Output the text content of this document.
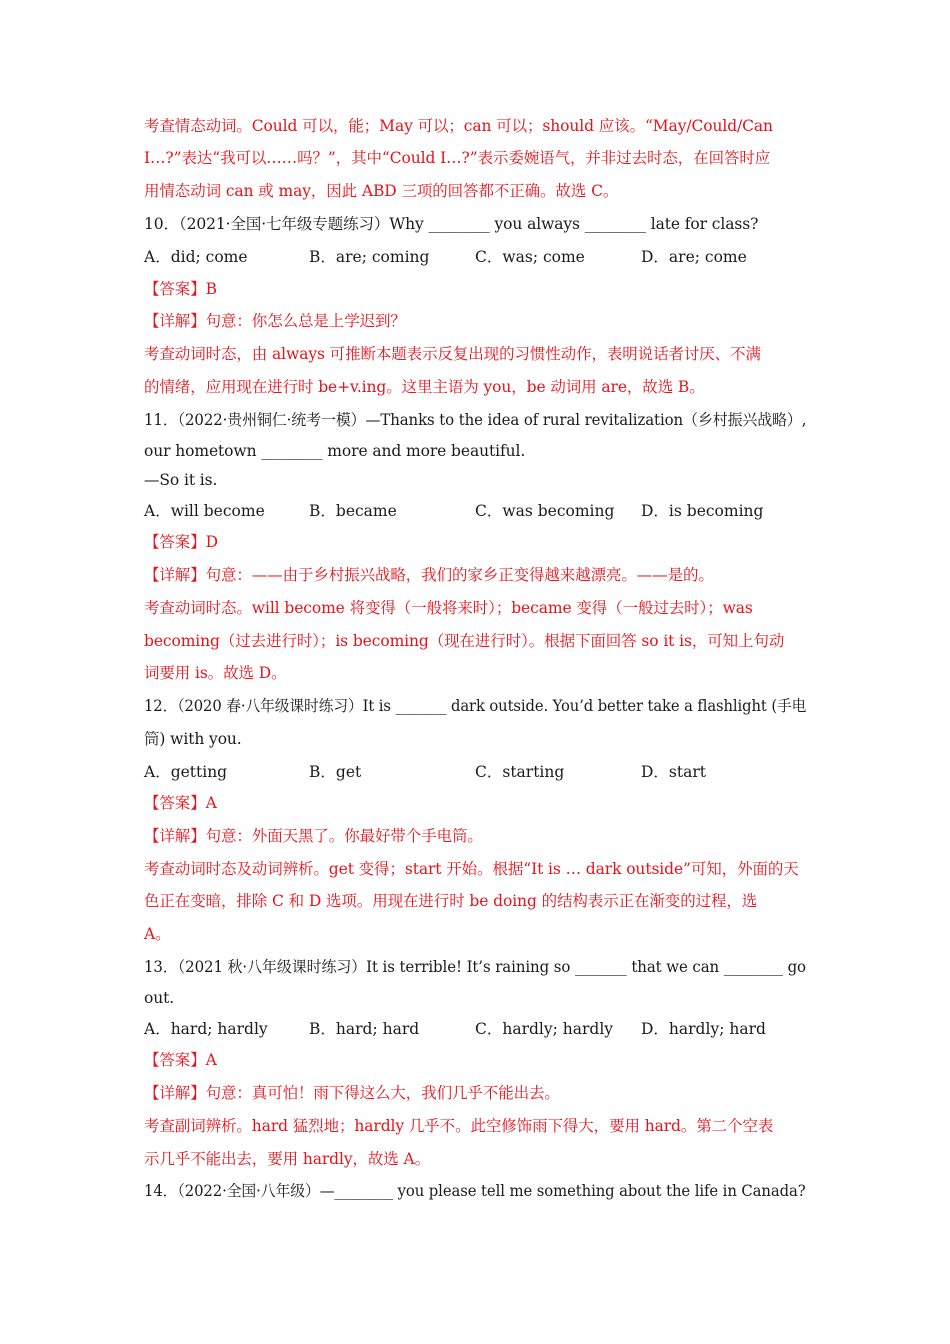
考查情态动词。Could 可以，能；May 可以；can 可以；should 应该。“May/Could/Can
I…?”表达“我可以……吗？”，其中“Could I…?”表示委婉语气，并非过去时态，在回答时应
用情态动词 can 或 may，因此 ABD 三项的回答都不正确。故选 C。
10．（2021·全国·七年级专题练习）Why ________ you always ________ late for class?
A．did; come	B．are; coming	C．was; come	D．are; come
【答案】B
【详解】句意：你怎么总是上学迟到？
考查动词时态，由 always 可推断本题表示反复出现的习惯性动作，表明说话者讨厌、不满
的情绪，应用现在进行时 be+v.ing。这里主语为 you，be 动词用 are，故选 B。
11．（2022·贵州铜仁·统考一模）—Thanks to the idea of rural revitalization（乡村振兴战略）,
our hometown ________ more and more beautiful.
—So it is.
A．will become	B．became	C．was becoming D．is becoming
【答案】D
【详解】句意：——由于乡村振兴战略，我们的家乡正变得越来越漂亮。——是的。
考查动词时态。will become 将变得（一般将来时）；became 变得（一般过去时）；was
becoming（过去进行时）；is becoming（现在进行时）。根据下面回答 so it is，可知上句动
词要用 is。故选 D。
12．（2020 春·八年级课时练习）It is _______ dark outside. You’d better take a flashlight (手电
筒) with you.
A．getting	B．get	C．starting	D．start
【答案】A
【详解】句意：外面天黑了。你最好带个手电筒。
考查动词时态及动词辨析。get 变得；start 开始。根据“It is … dark outside”可知，外面的天
色正在变暗，排除 C 和 D 选项。用现在进行时 be doing 的结构表示正在渐变的过程，选
A。
13．（2021 秋·八年级课时练习）It is terrible! It’s raining so _______ that we can ________ go
out.
A．hard; hardly	B．hard; hard	C．hardly; hardly D．hardly; hard
【答案】A
【详解】句意：真可怕！雨下得这么大，我们几乎不能出去。
考查副词辨析。hard 猛烈地；hardly 几乎不。此空修饰雨下得大，要用 hard。第二个空表
示几乎不能出去，要用 hardly，故选 A。
14．（2022·全国·八年级）—________ you please tell me something about the life in Canada?
